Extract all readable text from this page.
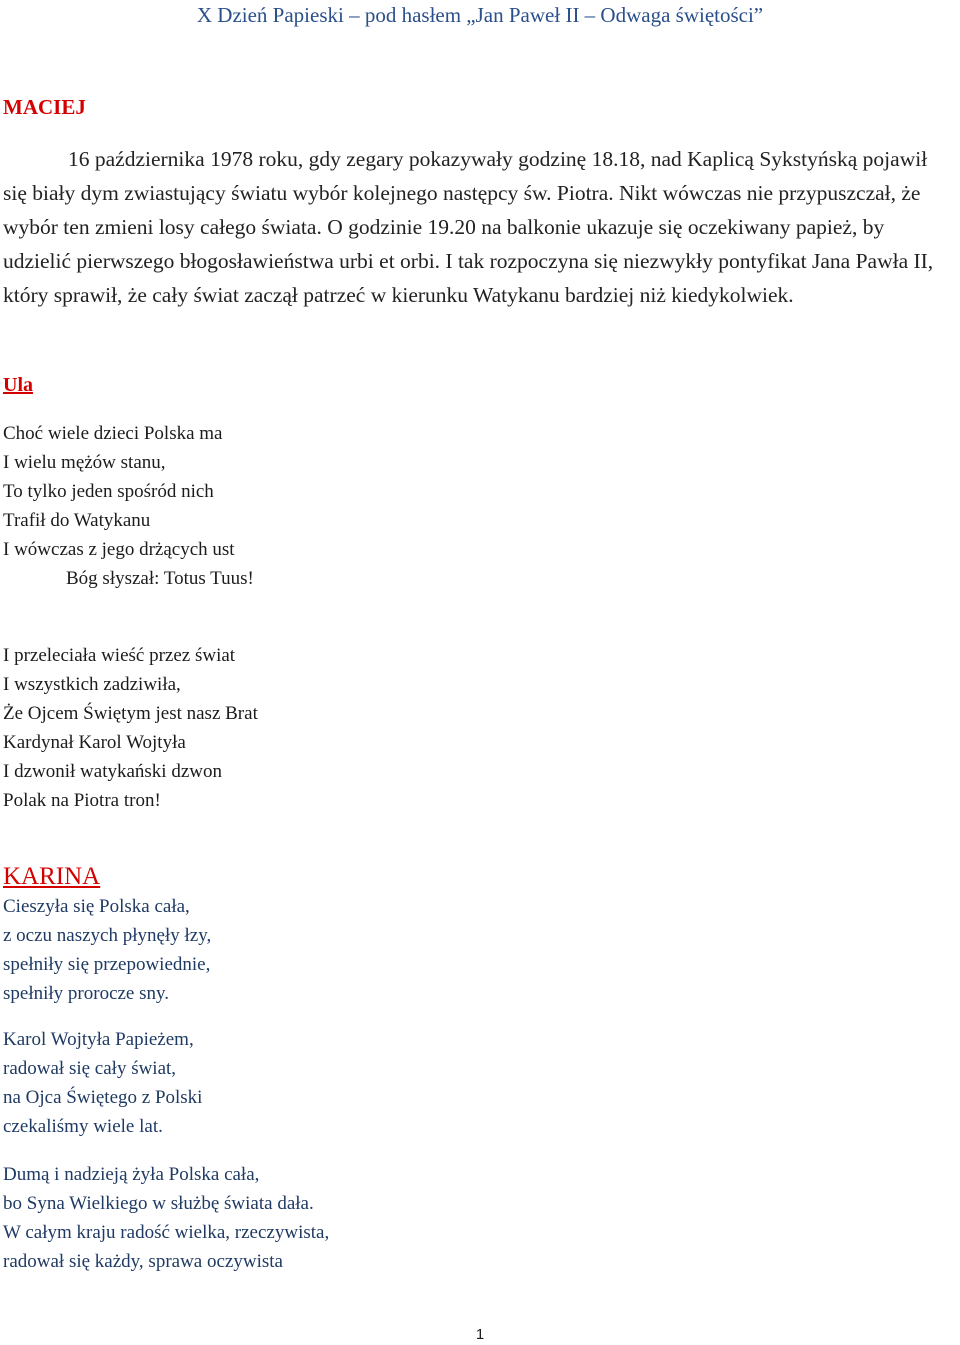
X Dzień Papieski – pod hasłem „Jan Paweł II – Odwaga świętości”
MACIEJ

16 października 1978 roku, gdy zegary pokazywały godzinę 18.18, nad Kaplicą Sykstyńską pojawił się biały dym zwiastujący światu wybór kolejnego następcy św. Piotra. Nikt wówczas nie przypuszczał, że wybór ten zmieni losy całego świata. O godzinie 19.20 na balkonie ukazuje się oczekiwany papież, by udzielić pierwszego błogosławieństwa urbi et orbi. I tak rozpoczyna się niezwykły pontyfikat Jana Pawła II, który sprawił, że cały świat zaczął patrzeć w kierunku Watykanu bardziej niż kiedykolwiek.

Ula
Choć wiele dzieci Polska ma
I wielu mężów stanu,
To tylko jeden spośród nich
Trafił do Watykanu
I wówczas z jego drżących ust
Bóg słyszał: Totus Tuus!
I przeleciała wieść przez świat
I wszystkich zadziwiła,
Że Ojcem Świętym jest nasz Brat
Kardynał Karol Wojtyła
I dzwonił watykański dzwon
Polak na Piotra tron!
KARINA
Cieszyła się Polska cała,
z oczu naszych płynęły łzy,
spełniły się przepowiednie,
spełniły prorocze sny.
Karol Wojtyła Papieżem,
radował się cały świat,
na Ojca Świętego z Polski
czekaliśmy wiele lat.
Dumą i nadzieją żyła Polska cała,
bo Syna Wielkiego w służbę świata dała.
W całym kraju radość wielka, rzeczywista,
radował się każdy, sprawa oczywista
1
